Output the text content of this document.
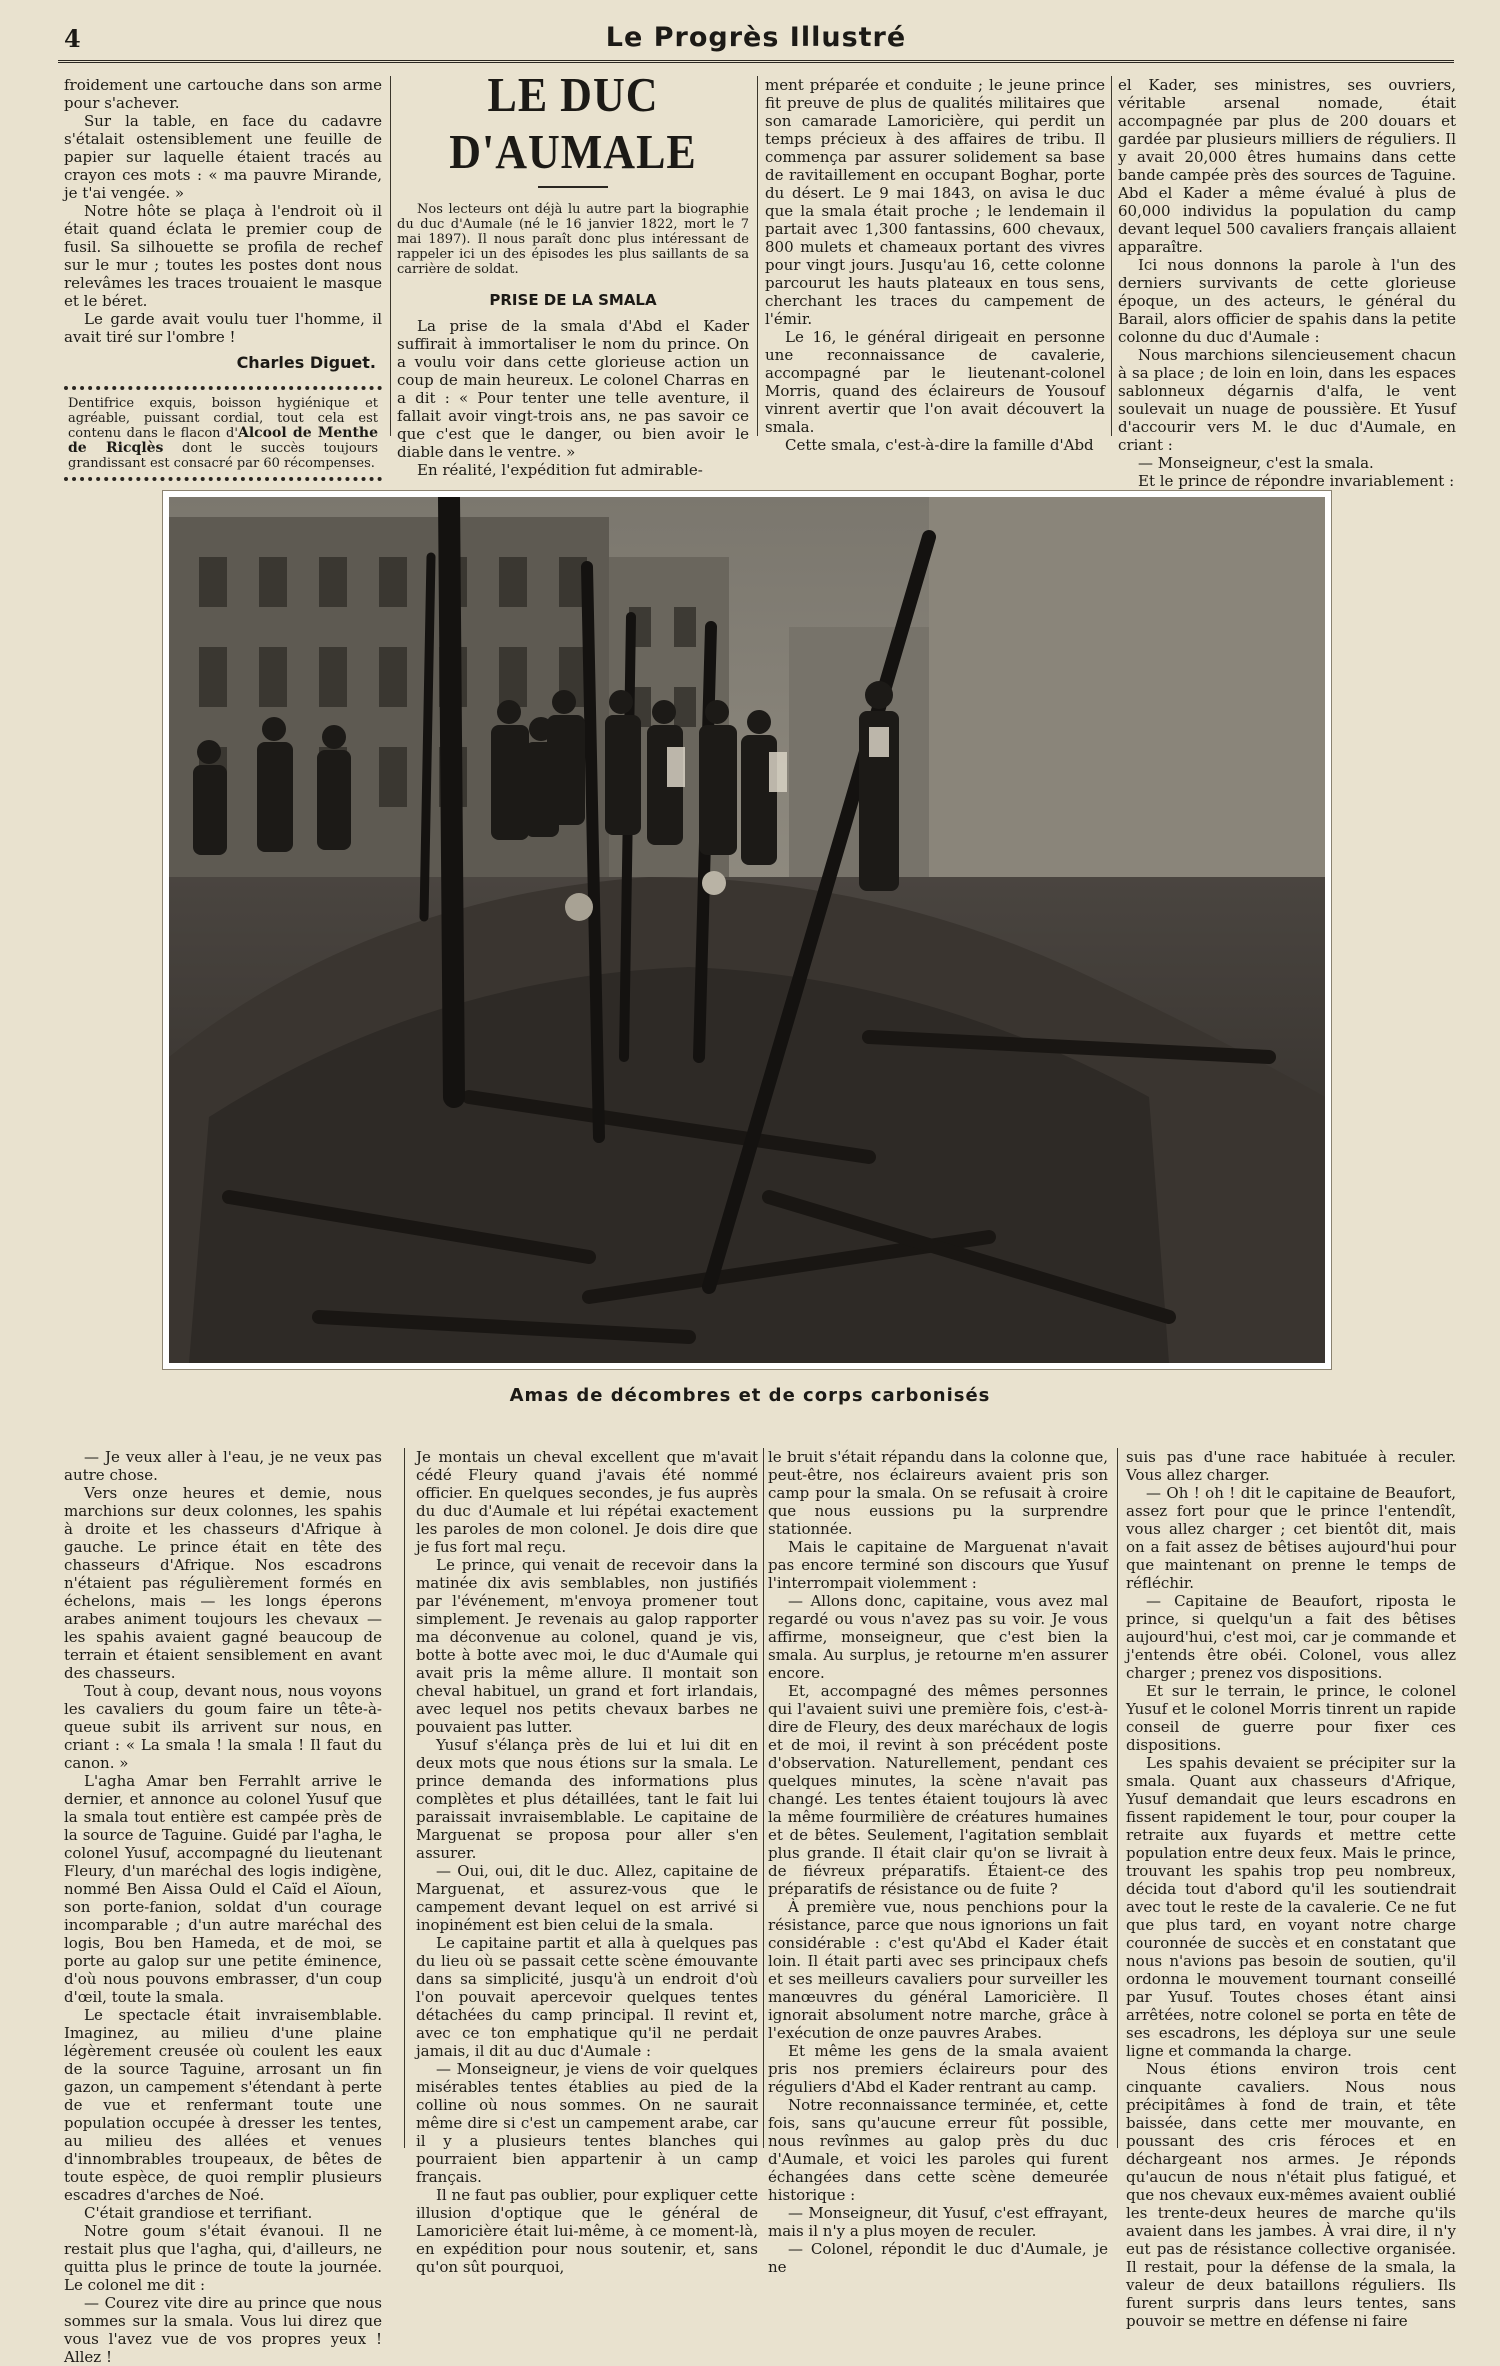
4	Le Progrès Illustré

froidement une cartouche dans son arme pour s'achever.

Sur la table, en face du cadavre s'étalait ostensiblement une feuille de papier sur laquelle étaient tracés au crayon ces mots : « ma pauvre Mirande, je t'ai vengée. »

Notre hôte se plaça à l'endroit où il était quand éclata le premier coup de fusil. Sa silhouette se profila de rechef sur le mur ; toutes les postes dont nous relevâmes les traces trouaient le masque et le béret.

Le garde avait voulu tuer l'homme, il avait tiré sur l'ombre !

Charles Diguet.
Dentifrice exquis, boisson hygiénique et agréable, puissant cordial, tout cela est contenu dans le flacon d'Alcool de Menthe de Ricqlès dont le succès toujours grandissant est consacré par 60 récompenses.
LE DUC D'AUMALE

Nos lecteurs ont déjà lu autre part la biographie du duc d'Aumale (né le 16 janvier 1822, mort le 7 mai 1897). Il nous paraît donc plus intéressant de rappeler ici un des épisodes les plus saillants de sa carrière de soldat.

PRISE DE LA SMALA

La prise de la smala d'Abd el Kader suffirait à immortaliser le nom du prince. On a voulu voir dans cette glorieuse action un coup de main heureux. Le colonel Charras en a dit : « Pour tenter une telle aventure, il fallait avoir vingt-trois ans, ne pas savoir ce que c'est que le danger, ou bien avoir le diable dans le ventre. »

En réalité, l'expédition fut admirable-

ment préparée et conduite ; le jeune prince fit preuve de plus de qualités militaires que son camarade Lamoricière, qui perdit un temps précieux à des affaires de tribu. Il commença par assurer solidement sa base de ravitaillement en occupant Boghar, porte du désert. Le 9 mai 1843, on avisa le duc que la smala était proche ; le lendemain il partait avec 1,300 fantassins, 600 chevaux, 800 mulets et chameaux portant des vivres pour vingt jours. Jusqu'au 16, cette colonne parcourut les hauts plateaux en tous sens, cherchant les traces du campement de l'émir.

Le 16, le général dirigeait en personne une reconnaissance de cavalerie, accompagné par le lieutenant-colonel Morris, quand des éclaireurs de Yousouf vinrent avertir que l'on avait découvert la smala.

Cette smala, c'est-à-dire la famille d'Abd

el Kader, ses ministres, ses ouvriers, véritable arsenal nomade, était accompagnée par plus de 200 douars et gardée par plusieurs milliers de réguliers. Il y avait 20,000 êtres humains dans cette bande campée près des sources de Taguine. Abd el Kader a même évalué à plus de 60,000 individus la population du camp devant lequel 500 cavaliers français allaient apparaître.

Ici nous donnons la parole à l'un des derniers survivants de cette glorieuse époque, un des acteurs, le général du Barail, alors officier de spahis dans la petite colonne du duc d'Aumale :

Nous marchions silencieusement chacun à sa place ; de loin en loin, dans les espaces sablonneux dégarnis d'alfa, le vent soulevait un nuage de poussière. Et Yusuf d'accourir vers M. le duc d'Aumale, en criant :

— Monseigneur, c'est la smala.

Et le prince de répondre invariablement :

Amas de décombres et de corps carbonisés

— Je veux aller à l'eau, je ne veux pas autre chose.

Vers onze heures et demie, nous marchions sur deux colonnes, les spahis à droite et les chasseurs d'Afrique à gauche. Le prince était en tête des chasseurs d'Afrique. Nos escadrons n'étaient pas régulièrement formés en échelons, mais — les longs éperons arabes animent toujours les chevaux — les spahis avaient gagné beaucoup de terrain et étaient sensiblement en avant des chasseurs.

Tout à coup, devant nous, nous voyons les cavaliers du goum faire un tête-à-queue subit ils arrivent sur nous, en criant : « La smala ! la smala ! Il faut du canon. »

L'agha Amar ben Ferrahlt arrive le dernier, et annonce au colonel Yusuf que la smala tout entière est campée près de la source de Taguine. Guidé par l'agha, le colonel Yusuf, accompagné du lieutenant Fleury, d'un maréchal des logis indigène, nommé Ben Aissa Ould el Caïd el Aïoun, son porte-fanion, soldat d'un courage incomparable ; d'un autre maréchal des logis, Bou ben Hameda, et de moi, se porte au galop sur une petite éminence, d'où nous pouvons embrasser, d'un coup d'œil, toute la smala.

Le spectacle était invraisemblable. Imaginez, au milieu d'une plaine légèrement creusée où coulent les eaux de la source Taguine, arrosant un fin gazon, un campement s'étendant à perte de vue et renfermant toute une population occupée à dresser les tentes, au milieu des allées et venues d'innombrables troupeaux, de bêtes de toute espèce, de quoi remplir plusieurs escadres d'arches de Noé.

C'était grandiose et terrifiant.

Notre goum s'était évanoui. Il ne restait plus que l'agha, qui, d'ailleurs, ne quitta plus le prince de toute la journée. Le colonel me dit :

— Courez vite dire au prince que nous sommes sur la smala. Vous lui direz que vous l'avez vue de vos propres yeux ! Allez !

Je montais un cheval excellent que m'avait cédé Fleury quand j'avais été nommé officier. En quelques secondes, je fus auprès du duc d'Aumale et lui répétai exactement les paroles de mon colonel. Je dois dire que je fus fort mal reçu.

Le prince, qui venait de recevoir dans la matinée dix avis semblables, non justifiés par l'événement, m'envoya promener tout simplement. Je revenais au galop rapporter ma déconvenue au colonel, quand je vis, botte à botte avec moi, le duc d'Aumale qui avait pris la même allure. Il montait son cheval habituel, un grand et fort irlandais, avec lequel nos petits chevaux barbes ne pouvaient pas lutter.

Yusuf s'élança près de lui et lui dit en deux mots que nous étions sur la smala. Le prince demanda des informations plus complètes et plus détaillées, tant le fait lui paraissait invraisemblable. Le capitaine de Marguenat se proposa pour aller s'en assurer.

— Oui, oui, dit le duc. Allez, capitaine de Marguenat, et assurez-vous que le campement devant lequel on est arrivé si inopinément est bien celui de la smala.

Le capitaine partit et alla à quelques pas du lieu où se passait cette scène émouvante dans sa simplicité, jusqu'à un endroit d'où l'on pouvait apercevoir quelques tentes détachées du camp principal. Il revint et, avec ce ton emphatique qu'il ne perdait jamais, il dit au duc d'Aumale :

— Monseigneur, je viens de voir quelques misérables tentes établies au pied de la colline où nous sommes. On ne saurait même dire si c'est un campement arabe, car il y a plusieurs tentes blanches qui pourraient bien appartenir à un camp français.

Il ne faut pas oublier, pour expliquer cette illusion d'optique que le général de Lamoricière était lui-même, à ce moment-là, en expédition pour nous soutenir, et, sans qu'on sût pourquoi,

le bruit s'était répandu dans la colonne que, peut-être, nos éclaireurs avaient pris son camp pour la smala. On se refusait à croire que nous eussions pu la surprendre stationnée.

Mais le capitaine de Marguenat n'avait pas encore terminé son discours que Yusuf l'interrompait violemment :

— Allons donc, capitaine, vous avez mal regardé ou vous n'avez pas su voir. Je vous affirme, monseigneur, que c'est bien la smala. Au surplus, je retourne m'en assurer encore.

Et, accompagné des mêmes personnes qui l'avaient suivi une première fois, c'est-à-dire de Fleury, des deux maréchaux de logis et de moi, il revint à son précédent poste d'observation. Naturellement, pendant ces quelques minutes, la scène n'avait pas changé. Les tentes étaient toujours là avec la même fourmilière de créatures humaines et de bêtes. Seulement, l'agitation semblait plus grande. Il était clair qu'on se livrait à de fiévreux préparatifs. Étaient-ce des préparatifs de résistance ou de fuite ?

À première vue, nous penchions pour la résistance, parce que nous ignorions un fait considérable : c'est qu'Abd el Kader était loin. Il était parti avec ses principaux chefs et ses meilleurs cavaliers pour surveiller les manœuvres du général Lamoricière. Il ignorait absolument notre marche, grâce à l'exécution de onze pauvres Arabes.

Et même les gens de la smala avaient pris nos premiers éclaireurs pour des réguliers d'Abd el Kader rentrant au camp.

Notre reconnaissance terminée, et, cette fois, sans qu'aucune erreur fût possible, nous revînmes au galop près du duc d'Aumale, et voici les paroles qui furent échangées dans cette scène demeurée historique :

— Monseigneur, dit Yusuf, c'est effrayant, mais il n'y a plus moyen de reculer.

— Colonel, répondit le duc d'Aumale, je ne

suis pas d'une race habituée à reculer. Vous allez charger.

— Oh ! oh ! dit le capitaine de Beaufort, assez fort pour que le prince l'entendît, vous allez charger ; cet bientôt dit, mais on a fait assez de bêtises aujourd'hui pour que maintenant on prenne le temps de réfléchir.

— Capitaine de Beaufort, riposta le prince, si quelqu'un a fait des bêtises aujourd'hui, c'est moi, car je commande et j'entends être obéi. Colonel, vous allez charger ; prenez vos dispositions.

Et sur le terrain, le prince, le colonel Yusuf et le colonel Morris tinrent un rapide conseil de guerre pour fixer ces dispositions.

Les spahis devaient se précipiter sur la smala. Quant aux chasseurs d'Afrique, Yusuf demandait que leurs escadrons en fissent rapidement le tour, pour couper la retraite aux fuyards et mettre cette population entre deux feux. Mais le prince, trouvant les spahis trop peu nombreux, décida tout d'abord qu'il les soutiendrait avec tout le reste de la cavalerie. Ce ne fut que plus tard, en voyant notre charge couronnée de succès et en constatant que nous n'avions pas besoin de soutien, qu'il ordonna le mouvement tournant conseillé par Yusuf. Toutes choses étant ainsi arrêtées, notre colonel se porta en tête de ses escadrons, les déploya sur une seule ligne et commanda la charge.

Nous étions environ trois cent cinquante cavaliers. Nous nous précipitâmes à fond de train, et tête baissée, dans cette mer mouvante, en poussant des cris féroces et en déchargeant nos armes. Je réponds qu'aucun de nous n'était plus fatigué, et que nos chevaux eux-mêmes avaient oublié les trente-deux heures de marche qu'ils avaient dans les jambes. À vrai dire, il n'y eut pas de résistance collective organisée. Il restait, pour la défense de la smala, la valeur de deux bataillons réguliers. Ils furent surpris dans leurs tentes, sans pouvoir se mettre en défense ni faire
